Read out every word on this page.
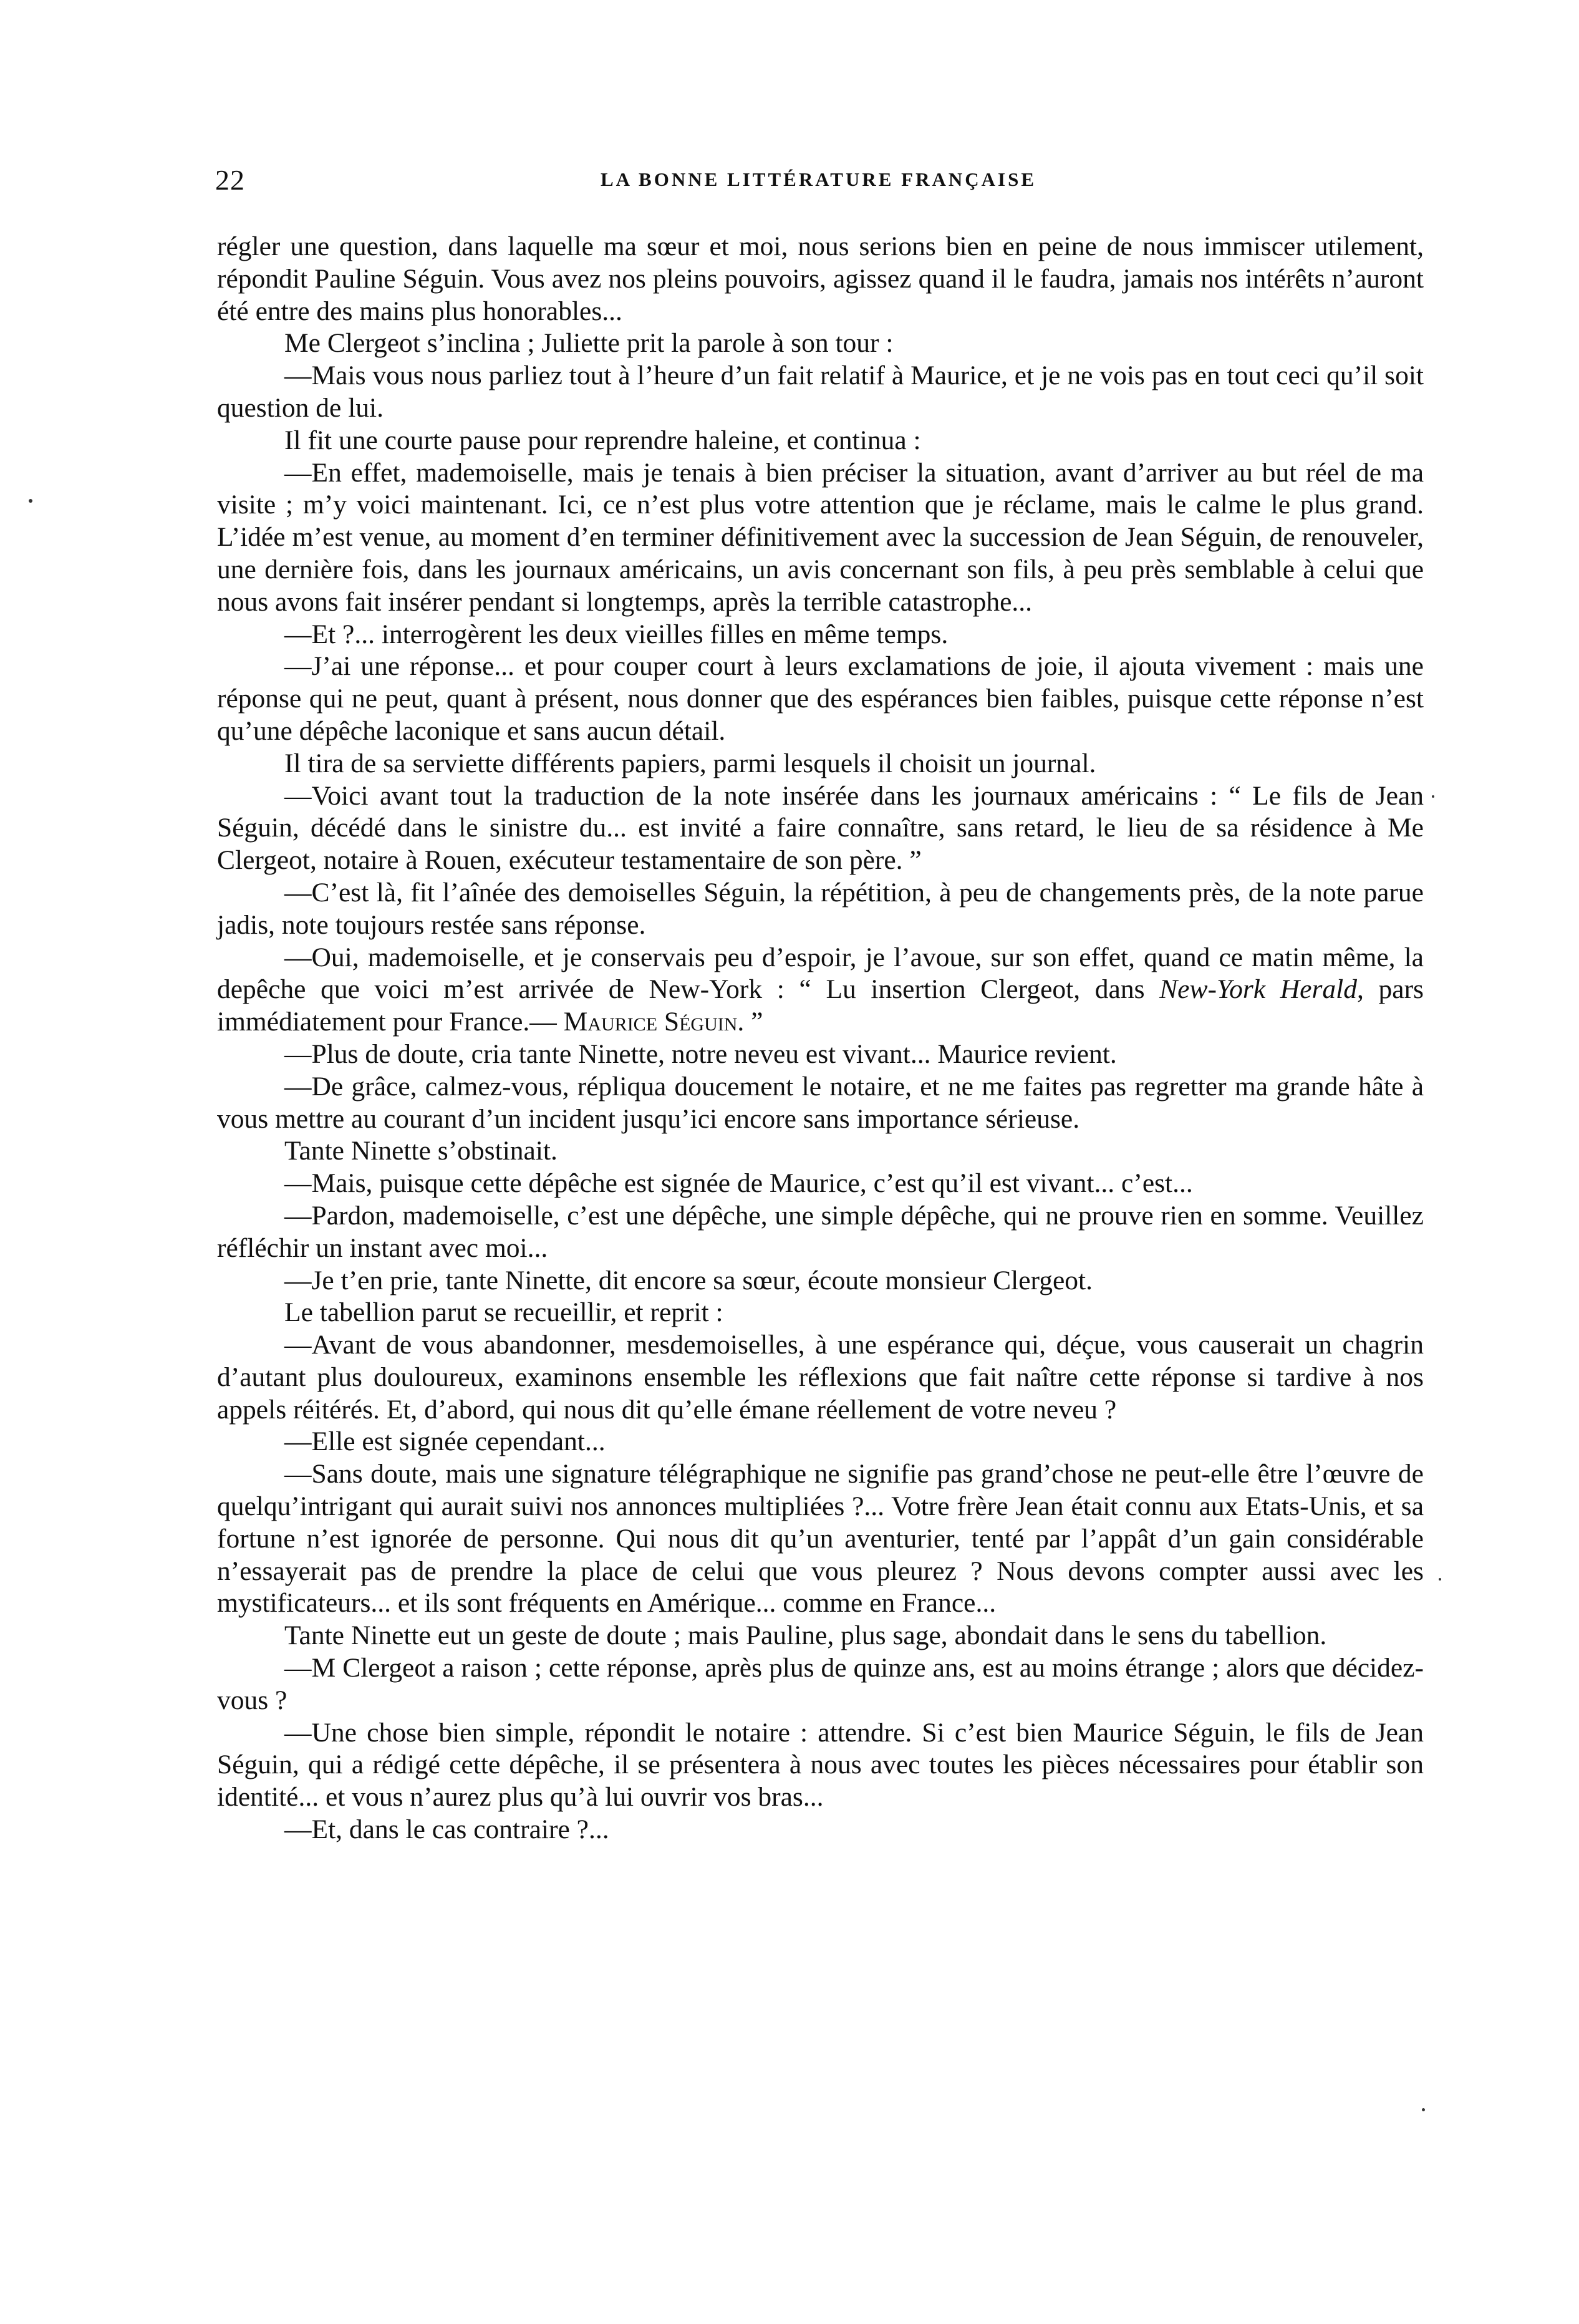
22	LA BONNE LITTÉRATURE FRANÇAISE

régler une question, dans laquelle ma sœur et moi, nous serions bien en peine de nous immiscer utilement, répondit Pauline Séguin. Vous avez nos pleins pouvoirs, agissez quand il le faudra, jamais nos intérêts n’auront été entre des mains plus honorables...

Me Clergeot s’inclina ; Juliette prit la parole à son tour :

—Mais vous nous parliez tout à l’heure d’un fait relatif à Maurice, et je ne vois pas en tout ceci qu’il soit question de lui.

Il fit une courte pause pour reprendre haleine, et continua :

—En effet, mademoiselle, mais je tenais à bien préciser la situation, avant d’arriver au but réel de ma visite ; m’y voici maintenant. Ici, ce n’est plus votre attention que je réclame, mais le calme le plus grand. L’idée m’est venue, au moment d’en terminer définitivement avec la succession de Jean Séguin, de renouveler, une dernière fois, dans les journaux américains, un avis concernant son fils, à peu près semblable à celui que nous avons fait insérer pendant si longtemps, après la terrible catastrophe...

—Et ?... interrogèrent les deux vieilles filles en même temps.

—J’ai une réponse... et pour couper court à leurs exclamations de joie, il ajouta vivement : mais une réponse qui ne peut, quant à présent, nous donner que des espérances bien faibles, puisque cette réponse n’est qu’une dépêche laconique et sans aucun détail.

Il tira de sa serviette différents papiers, parmi lesquels il choisit un journal.

—Voici avant tout la traduction de la note insérée dans les journaux américains : “ Le fils de Jean Séguin, décédé dans le sinistre du... est invité a faire connaître, sans retard, le lieu de sa résidence à Me Clergeot, notaire à Rouen, exécuteur testamentaire de son père. ”

—C’est là, fit l’aînée des demoiselles Séguin, la répétition, à peu de changements près, de la note parue jadis, note toujours restée sans réponse.

—Oui, mademoiselle, et je conservais peu d’espoir, je l’avoue, sur son effet, quand ce matin même, la depêche que voici m’est arrivée de New-York : “ Lu insertion Clergeot, dans New-York Herald, pars immédiatement pour France.— Maurice Séguin. ”

—Plus de doute, cria tante Ninette, notre neveu est vivant... Maurice revient.

—De grâce, calmez-vous, répliqua doucement le notaire, et ne me faites pas regretter ma grande hâte à vous mettre au courant d’un incident jusqu’ici encore sans importance sérieuse.

Tante Ninette s’obstinait.

—Mais, puisque cette dépêche est signée de Maurice, c’est qu’il est vivant... c’est...

—Pardon, mademoiselle, c’est une dépêche, une simple dépêche, qui ne prouve rien en somme. Veuillez réfléchir un instant avec moi...

—Je t’en prie, tante Ninette, dit encore sa sœur, écoute monsieur Clergeot.

Le tabellion parut se recueillir, et reprit :

—Avant de vous abandonner, mesdemoiselles, à une espérance qui, déçue, vous causerait un chagrin d’autant plus douloureux, examinons ensemble les réflexions que fait naître cette réponse si tardive à nos appels réitérés. Et, d’abord, qui nous dit qu’elle émane réellement de votre neveu ?

—Elle est signée cependant...

—Sans doute, mais une signature télégraphique ne signifie pas grand’chose ne peut-elle être l’œuvre de quelqu’intrigant qui aurait suivi nos annonces multipliées ?... Votre frère Jean était connu aux Etats-Unis, et sa fortune n’est ignorée de personne. Qui nous dit qu’un aventurier, tenté par l’appât d’un gain considérable n’essayerait pas de prendre la place de celui que vous pleurez ? Nous devons compter aussi avec les mystificateurs... et ils sont fréquents en Amérique... comme en France...

Tante Ninette eut un geste de doute ; mais Pauline, plus sage, abondait dans le sens du tabellion.

—M Clergeot a raison ; cette réponse, après plus de quinze ans, est au moins étrange ; alors que décidez-vous ?

—Une chose bien simple, répondit le notaire : attendre. Si c’est bien Maurice Séguin, le fils de Jean Séguin, qui a rédigé cette dépêche, il se présentera à nous avec toutes les pièces nécessaires pour établir son identité... et vous n’aurez plus qu’à lui ouvrir vos bras...

—Et, dans le cas contraire ?...
